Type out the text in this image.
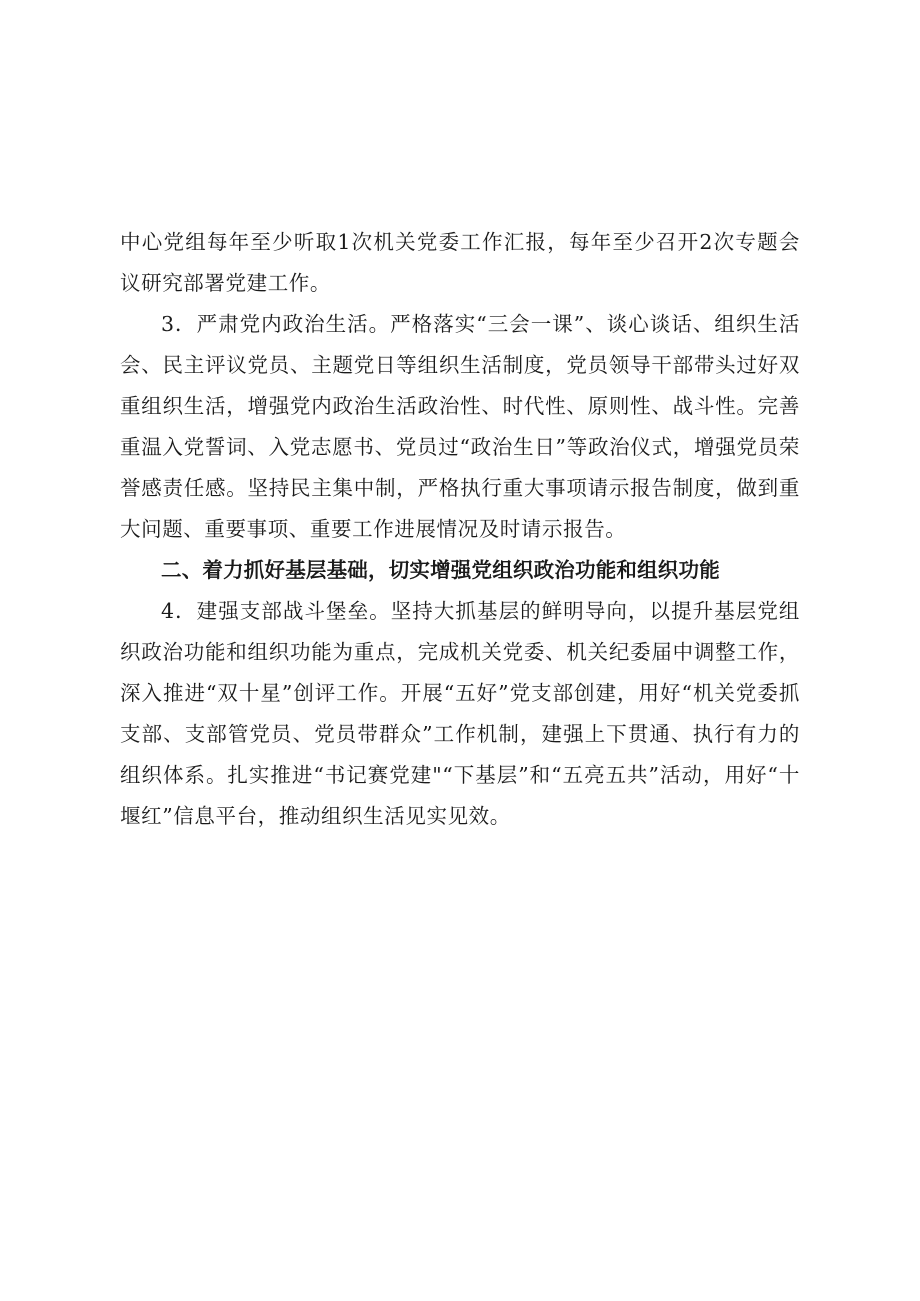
中心党组每年至少听取1次机关党委工作汇报，每年至少召开2次专题会议研究部署党建工作。

3．严肃党内政治生活。严格落实“三会一课”、谈心谈话、组织生活会、民主评议党员、主题党日等组织生活制度，党员领导干部带头过好双重组织生活，增强党内政治生活政治性、时代性、原则性、战斗性。完善重温入党誓词、入党志愿书、党员过“政治生日”等政治仪式，增强党员荣誉感责任感。坚持民主集中制，严格执行重大事项请示报告制度，做到重大问题、重要事项、重要工作进展情况及时请示报告。

二、着力抓好基层基础，切实增强党组织政治功能和组织功能

4．建强支部战斗堡垒。坚持大抓基层的鲜明导向，以提升基层党组织政治功能和组织功能为重点，完成机关党委、机关纪委届中调整工作，深入推进“双十星”创评工作。开展“五好”党支部创建，用好“机关党委抓支部、支部管党员、党员带群众”工作机制，建强上下贯通、执行有力的组织体系。扎实推进“书记赛党建"“下基层”和“五亮五共”活动，用好“十堰红”信息平台，推动组织生活见实见效。
